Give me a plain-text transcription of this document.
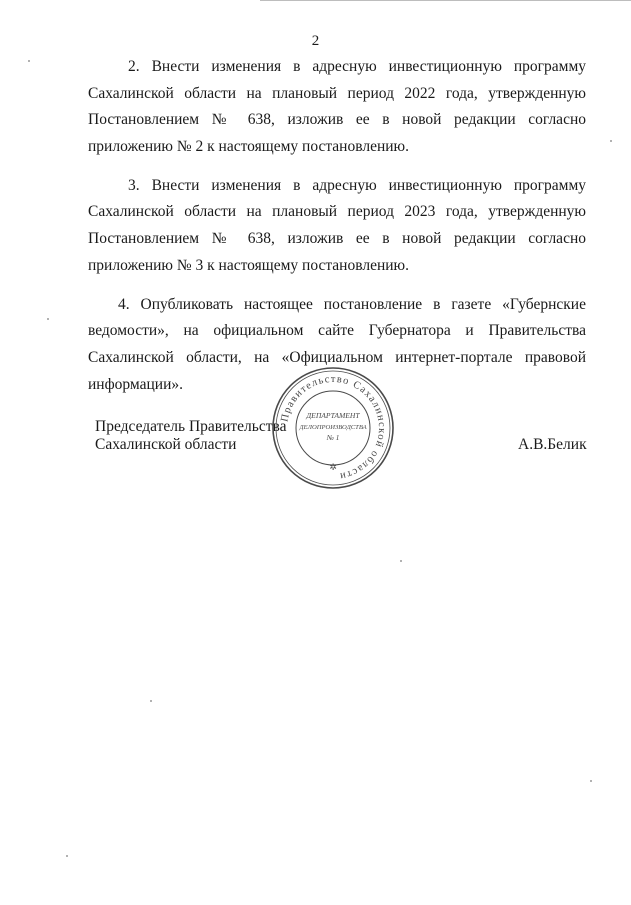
2

2. Внести изменения в адресную инвестиционную программу Сахалинской области на плановый период 2022 года, утвержденную Постановлением № 638, изложив ее в новой редакции согласно приложению № 2 к настоящему постановлению.

3. Внести изменения в адресную инвестиционную программу Сахалинской области на плановый период 2023 года, утвержденную Постановлением № 638, изложив ее в новой редакции согласно приложению № 3 к настоящему постановлению.

4. Опубликовать настоящее постановление в газете «Губернские ведомости», на официальном сайте Губернатора и Правительства Сахалинской области, на «Официальном интернет-портале правовой информации».

Председатель Правительства
Сахалинской области	А.В.Белик
Правительство Сахалинской области
✲
ДЕПАРТАМЕНТ
ДЕЛОПРОИЗВОДСТВА
№ 1
